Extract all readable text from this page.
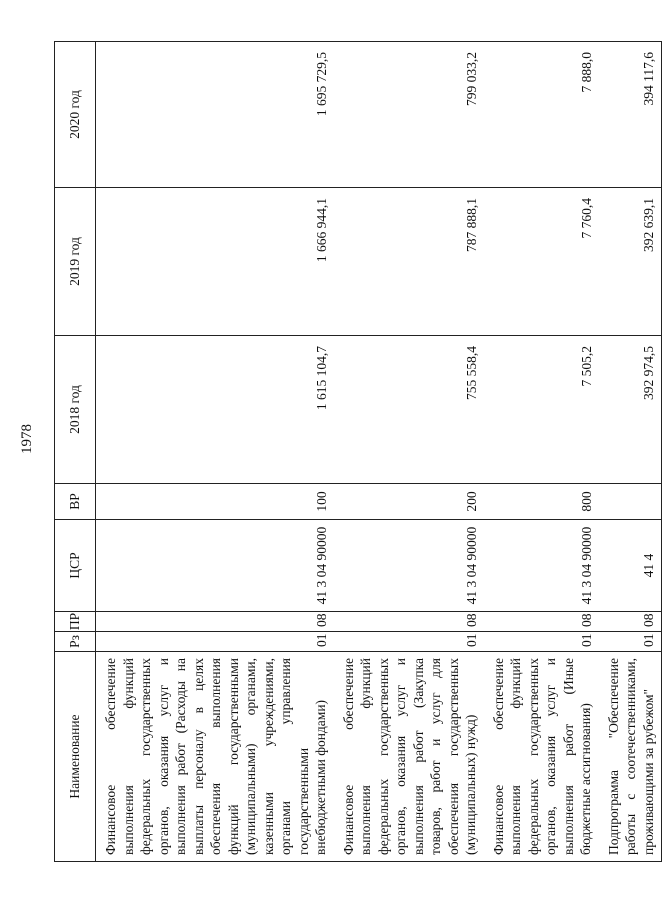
1978
Наименование	Рз	ПР	ЦСР	ВР	2018 год	2019 год	2020 год
Финансовое обеспечение выполнения функций федеральных государственных органов, оказания услуг и выполнения работ (Расходы на выплаты персоналу в целях обеспечения выполнения функций государственными (муниципальными) органами, казенными учреждениями, органами управления государственными внебюджетными фондами)	01	08	41 3 04 90000	100	1 615 104,7	1 666 944,1	1 695 729,5
Финансовое обеспечение выполнения функций федеральных государственных органов, оказания услуг и выполнения работ (Закупка товаров, работ и услуг для обеспечения государственных (муниципальных) нужд)	01	08	41 3 04 90000	200	755 558,4	787 888,1	799 033,2
Финансовое обеспечение выполнения функций федеральных государственных органов, оказания услуг и выполнения работ (Иные бюджетные ассигнования)	01	08	41 3 04 90000	800	7 505,2	7 760,4	7 888,0
Подпрограмма "Обеспечение работы с соотечественниками, проживающими за рубежом"	01	08	41 4		392 974,5	392 639,1	394 117,6
